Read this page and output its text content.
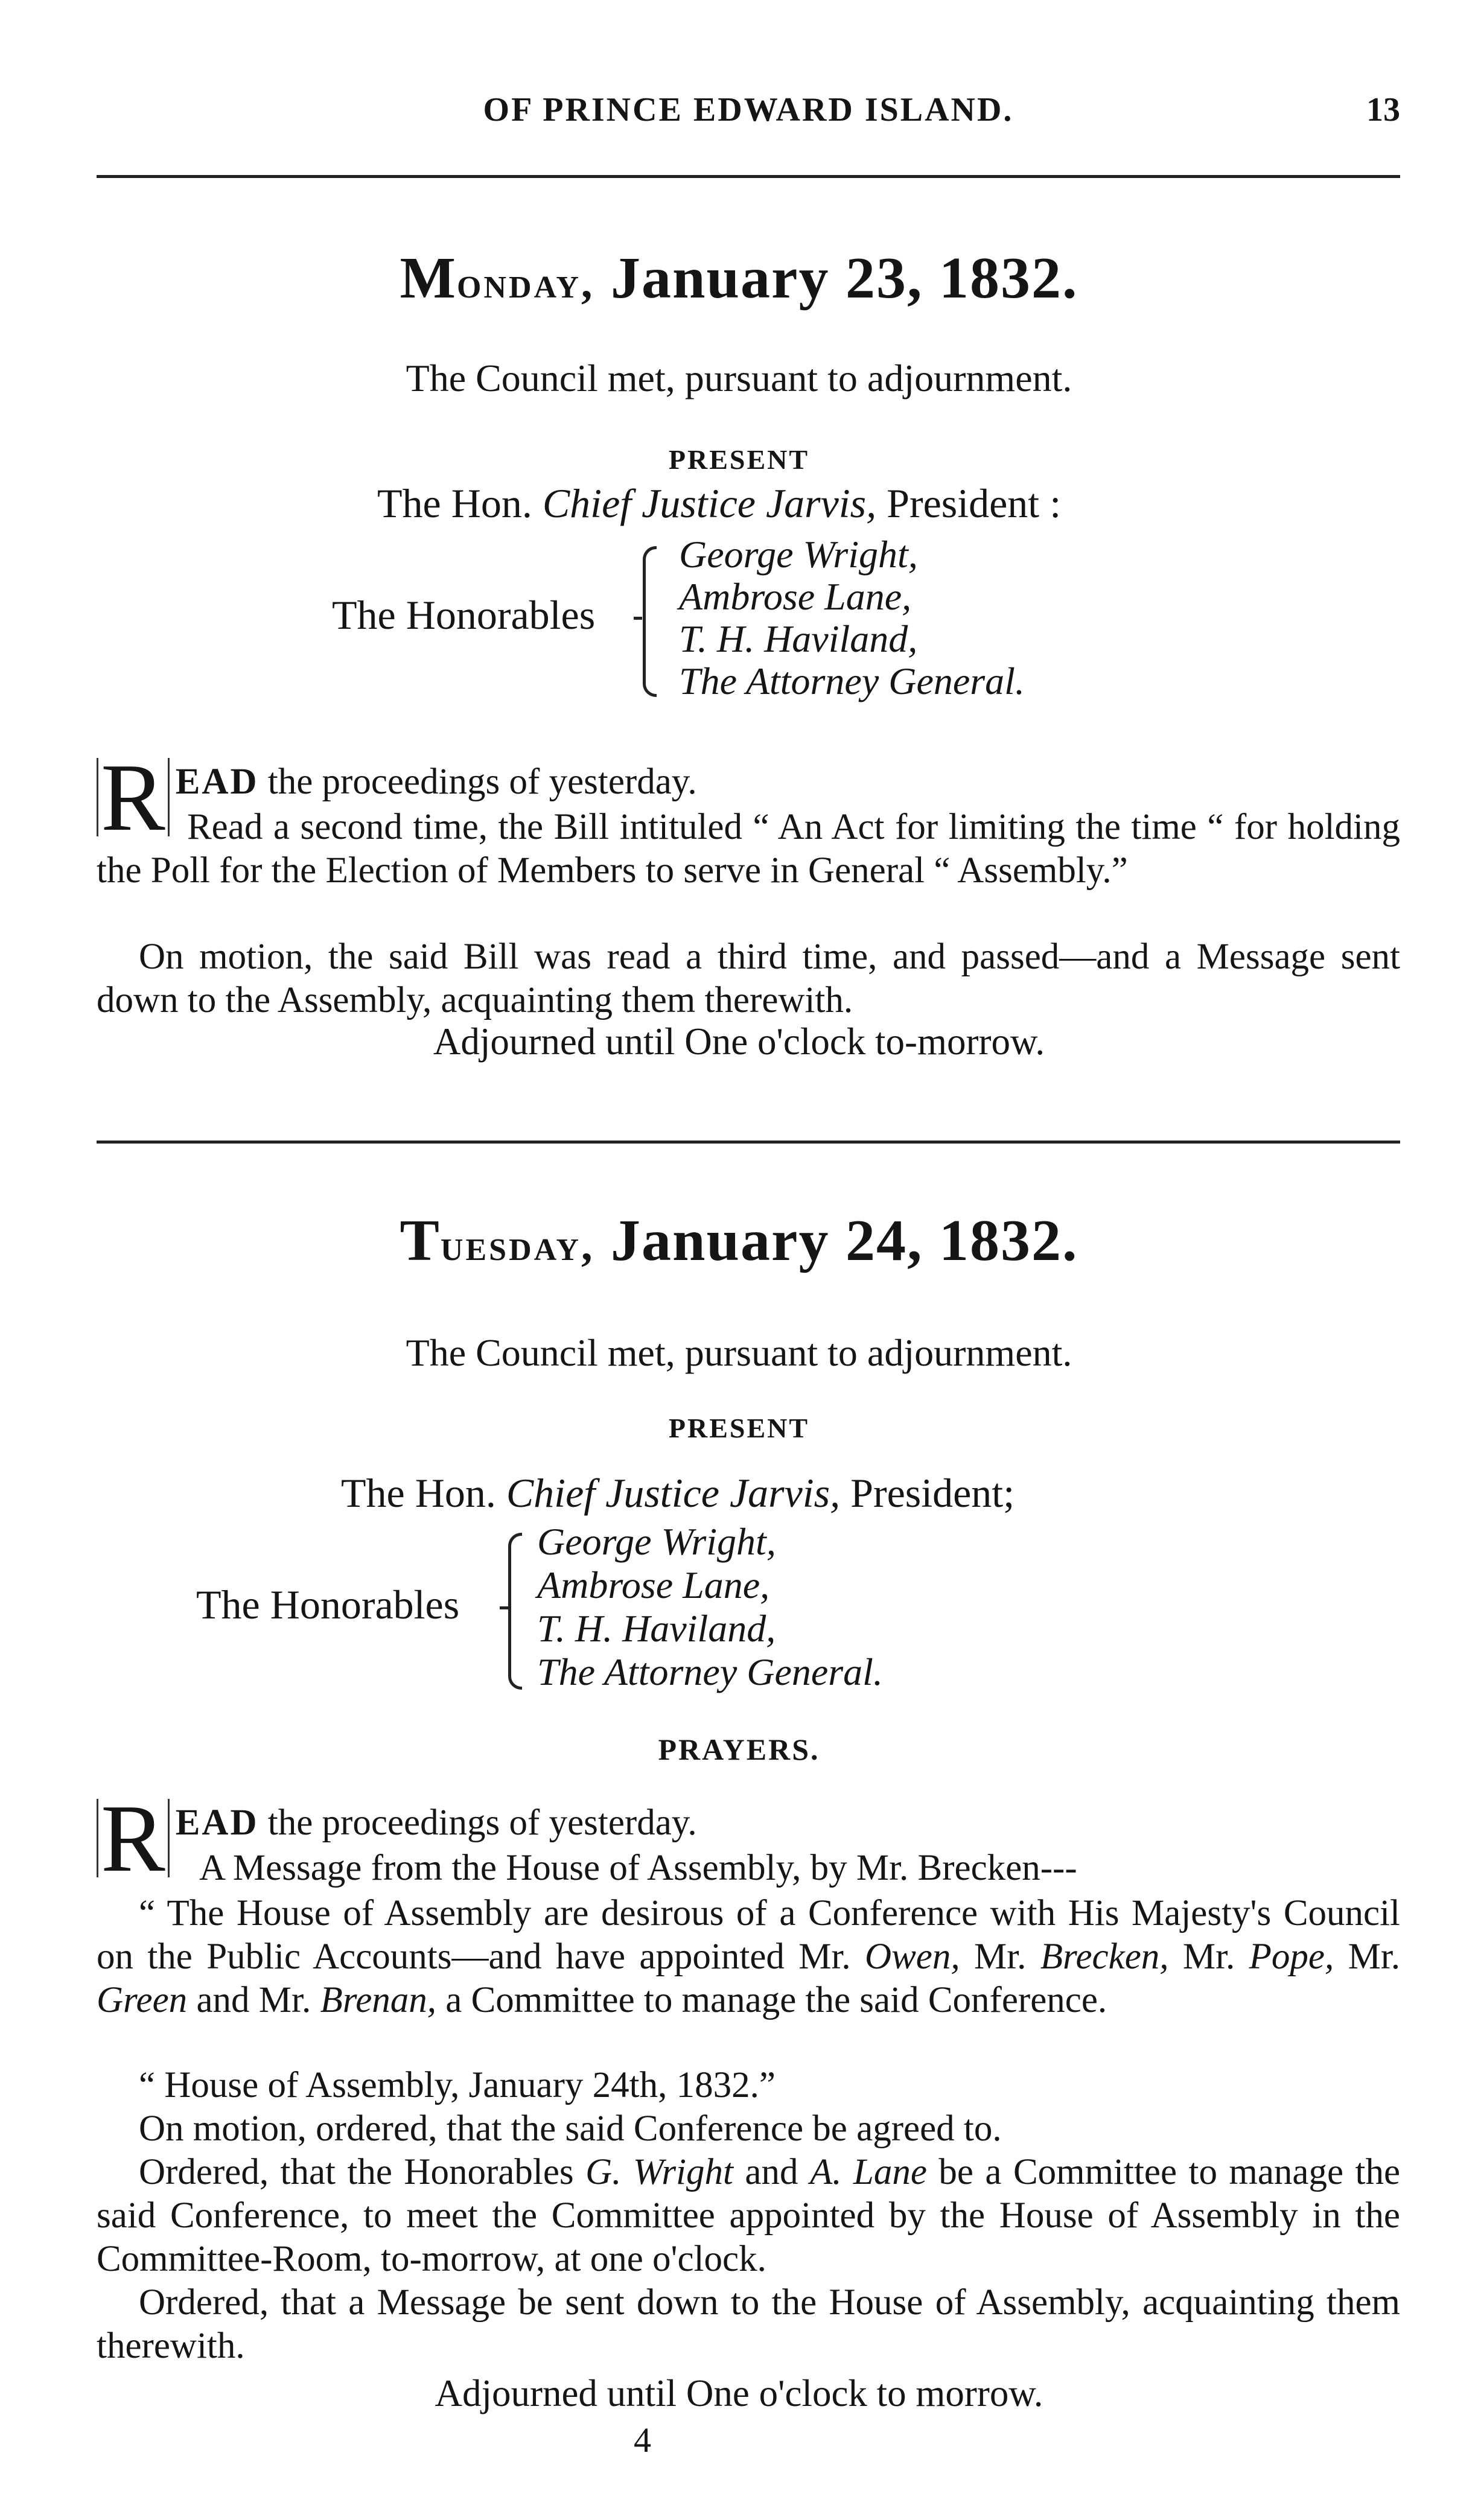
OF PRINCE EDWARD ISLAND.	13
Monday, January 23, 1832.
The Council met, pursuant to adjournment.
PRESENT
The Hon. Chief Justice Jarvis, President :
The Honorables
George Wright,
Ambrose Lane,
T. H. Haviland,
The Attorney General.
R EAD the proceedings of yesterday.
Read a second time, the Bill intituled “ An Act for limiting the time “ for holding the Poll for the Election of Members to serve in General “ Assembly.”
On motion, the said Bill was read a third time, and passed—and a Message sent down to the Assembly, acquainting them therewith.
Adjourned until One o'clock to-morrow.
Tuesday, January 24, 1832.
The Council met, pursuant to adjournment.
PRESENT
The Hon. Chief Justice Jarvis, President;
The Honorables
George Wright,
Ambrose Lane,
T. H. Haviland,
The Attorney General.
PRAYERS.
R EAD the proceedings of yesterday.
A Message from the House of Assembly, by Mr. Brecken---
“ The House of Assembly are desirous of a Conference with His Majesty's Council on the Public Accounts—and have appointed Mr. Owen, Mr. Brecken, Mr. Pope, Mr. Green and Mr. Brenan, a Committee to manage the said Conference.
“ House of Assembly, January 24th, 1832.”
On motion, ordered, that the said Conference be agreed to.
Ordered, that the Honorables G. Wright and A. Lane be a Committee to manage the said Conference, to meet the Committee appointed by the House of Assembly in the Committee-Room, to-morrow, at one o'clock.
Ordered, that a Message be sent down to the House of Assembly, acquainting them therewith.
Adjourned until One o'clock to morrow.
4
